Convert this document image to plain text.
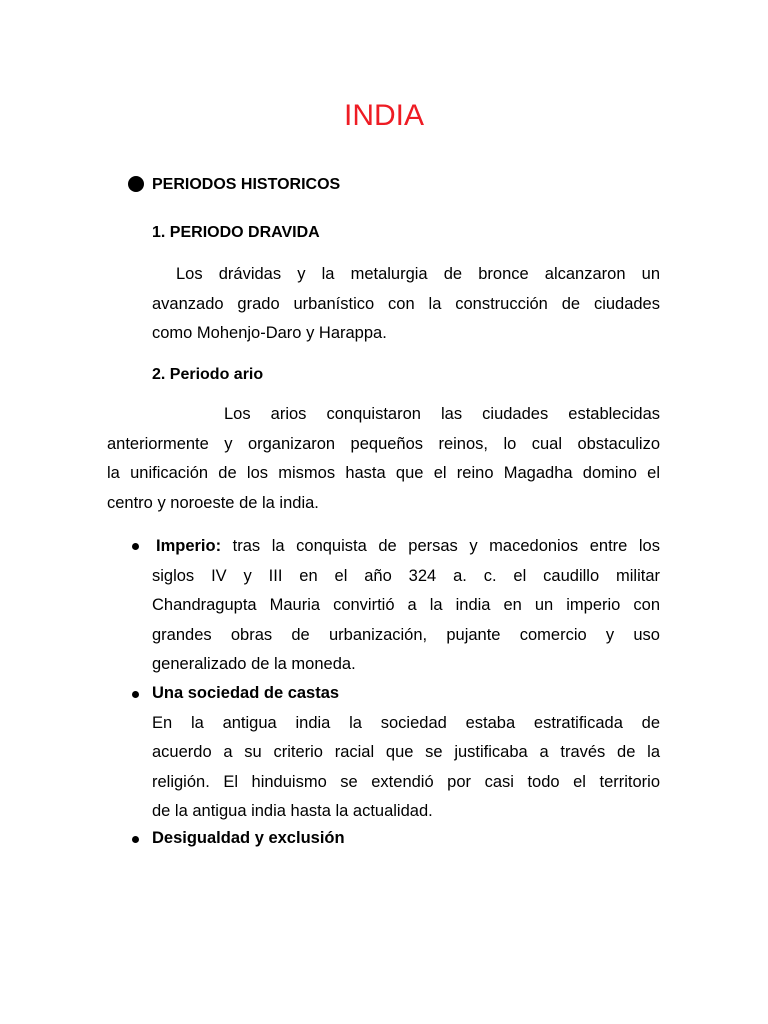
INDIA
PERIODOS HISTORICOS
1. PERIODO DRAVIDA
Los drávidas y la metalurgia de bronce alcanzaron un
avanzado grado urbanístico con la construcción de ciudades
como Mohenjo-Daro y Harappa.
2. Periodo ario
Los arios conquistaron las ciudades establecidas
anteriormente y organizaron pequeños reinos, lo cual obstaculizo
la unificación de los mismos hasta que el reino Magadha domino el
centro y noroeste de la india.
Imperio: tras la conquista de persas y macedonios entre los
siglos IV y III en el año 324 a. c. el caudillo militar
Chandragupta Mauria convirtió a la india en un imperio con
grandes obras de urbanización, pujante comercio y uso
generalizado de la moneda.
Una sociedad de castas
En la antigua india la sociedad estaba estratificada de
acuerdo a su criterio racial que se justificaba a través de la
religión. El hinduismo se extendió por casi todo el territorio
de la antigua india hasta la actualidad.
Desigualdad y exclusión
